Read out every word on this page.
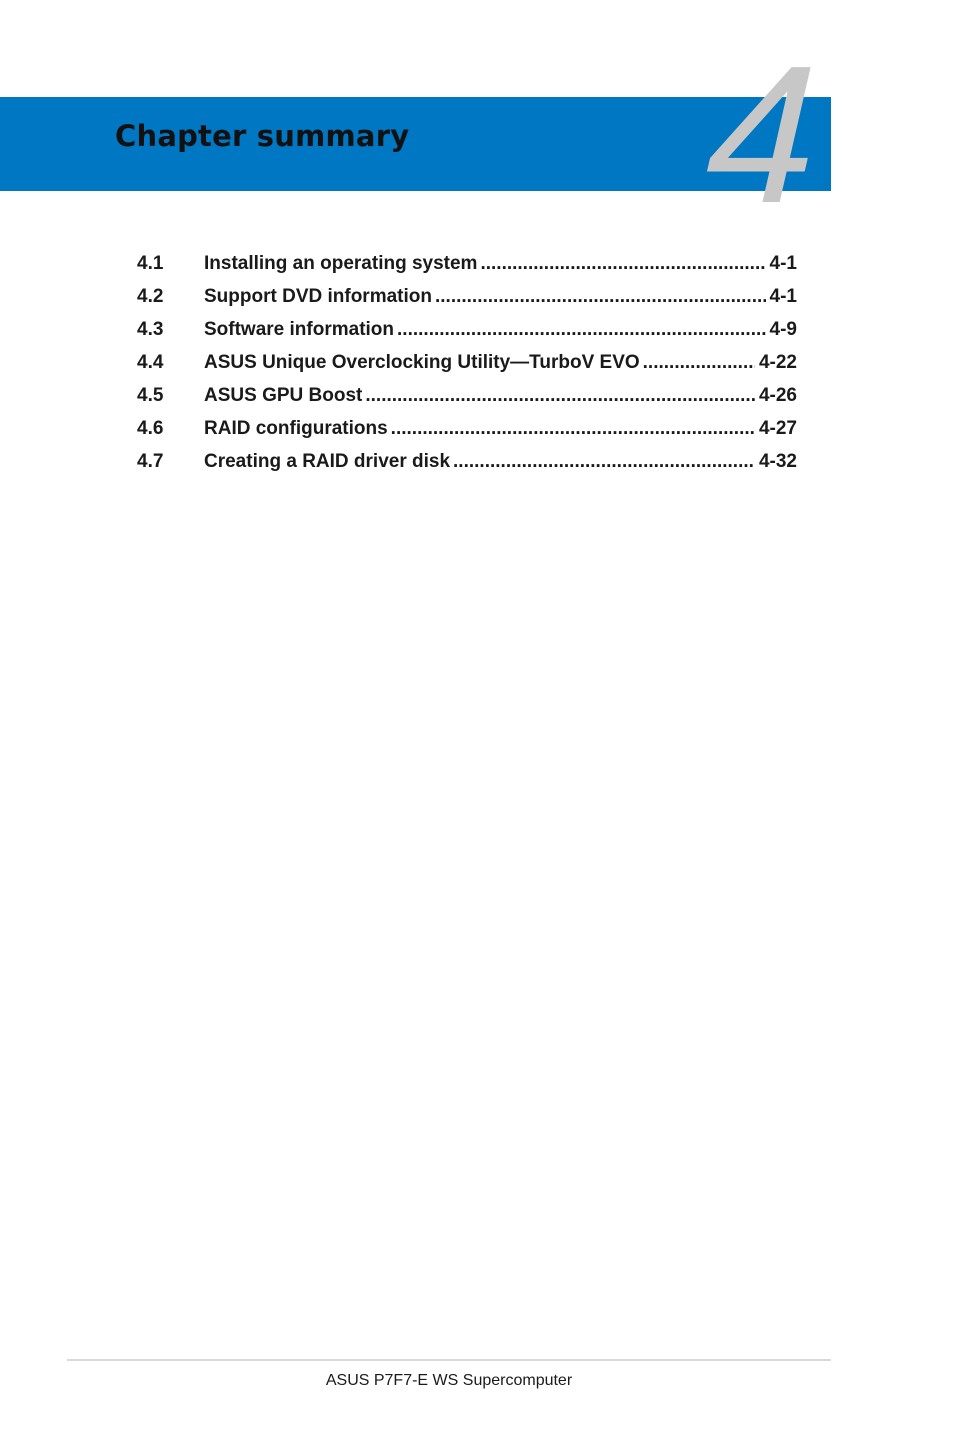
Chapter summary 4
4.1	Installing an operating system .....	4-1
4.2	Support DVD information .....	4-1
4.3	Software information .....	4-9
4.4	ASUS Unique Overclocking Utility—TurboV EVO .....	4-22
4.5	ASUS GPU Boost .....	4-26
4.6	RAID configurations .....	4-27
4.7	Creating a RAID driver disk .....	4-32
ASUS P7F7-E WS Supercomputer
